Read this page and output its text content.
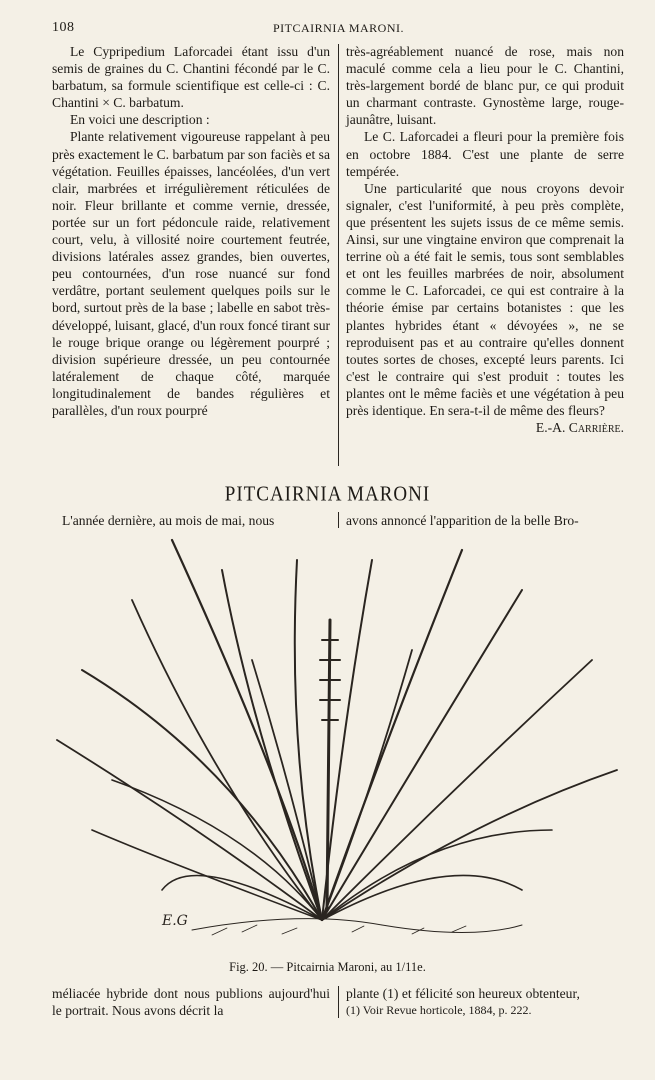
108	PITCAIRNIA MARONI.

Le Cypripedium Laforcadei étant issu d'un semis de graines du C. Chantini fécondé par le C. barbatum, sa formule scientifique est celle-ci : C. Chantini × C. barbatum.

En voici une description :

Plante relativement vigoureuse rappelant à peu près exactement le C. barbatum par son faciès et sa végétation. Feuilles épaisses, lancéolées, d'un vert clair, marbrées et irrégulièrement réticulées de noir. Fleur brillante et comme vernie, dressée, portée sur un fort pédoncule raide, relativement court, velu, à villosité noire courtement feutrée, divisions latérales assez grandes, bien ouvertes, peu contournées, d'un rose nuancé sur fond verdâtre, portant seulement quelques poils sur le bord, surtout près de la base ; labelle en sabot très-développé, luisant, glacé, d'un roux foncé tirant sur le rouge brique orange ou légèrement pourpré ; division supérieure dressée, un peu contournée latéralement de chaque côté, marquée longitudinalement de bandes régulières et parallèles, d'un roux pourpré

très-agréablement nuancé de rose, mais non maculé comme cela a lieu pour le C. Chantini, très-largement bordé de blanc pur, ce qui produit un charmant contraste. Gynostème large, rouge-jaunâtre, luisant.

Le C. Laforcadei a fleuri pour la première fois en octobre 1884. C'est une plante de serre tempérée.

Une particularité que nous croyons devoir signaler, c'est l'uniformité, à peu près complète, que présentent les sujets issus de ce même semis. Ainsi, sur une vingtaine environ que comprenait la terrine où a été fait le semis, tous sont semblables et ont les feuilles marbrées de noir, absolument comme le C. Laforcadei, ce qui est contraire à la théorie émise par certains botanistes : que les plantes hybrides étant « dévoyées », ne se reproduisent pas et au contraire qu'elles donnent toutes sortes de choses, excepté leurs parents. Ici c'est le contraire qui s'est produit : toutes les plantes ont le même faciès et une végétation à peu près identique. En sera-t-il de même des fleurs?

E.-A. Carrière.
PITCAIRNIA MARONI
L'année dernière, au mois de mai, nous	avons annoncé l'apparition de la belle Bro-
E.G
Fig. 20. — Pitcairnia Maroni, au 1/11e.
méliacée hybride dont nous publions aujourd'hui le portrait. Nous avons décrit la
plante (1) et félicité son heureux obtenteur,
(1) Voir Revue horticole, 1884, p. 222.
